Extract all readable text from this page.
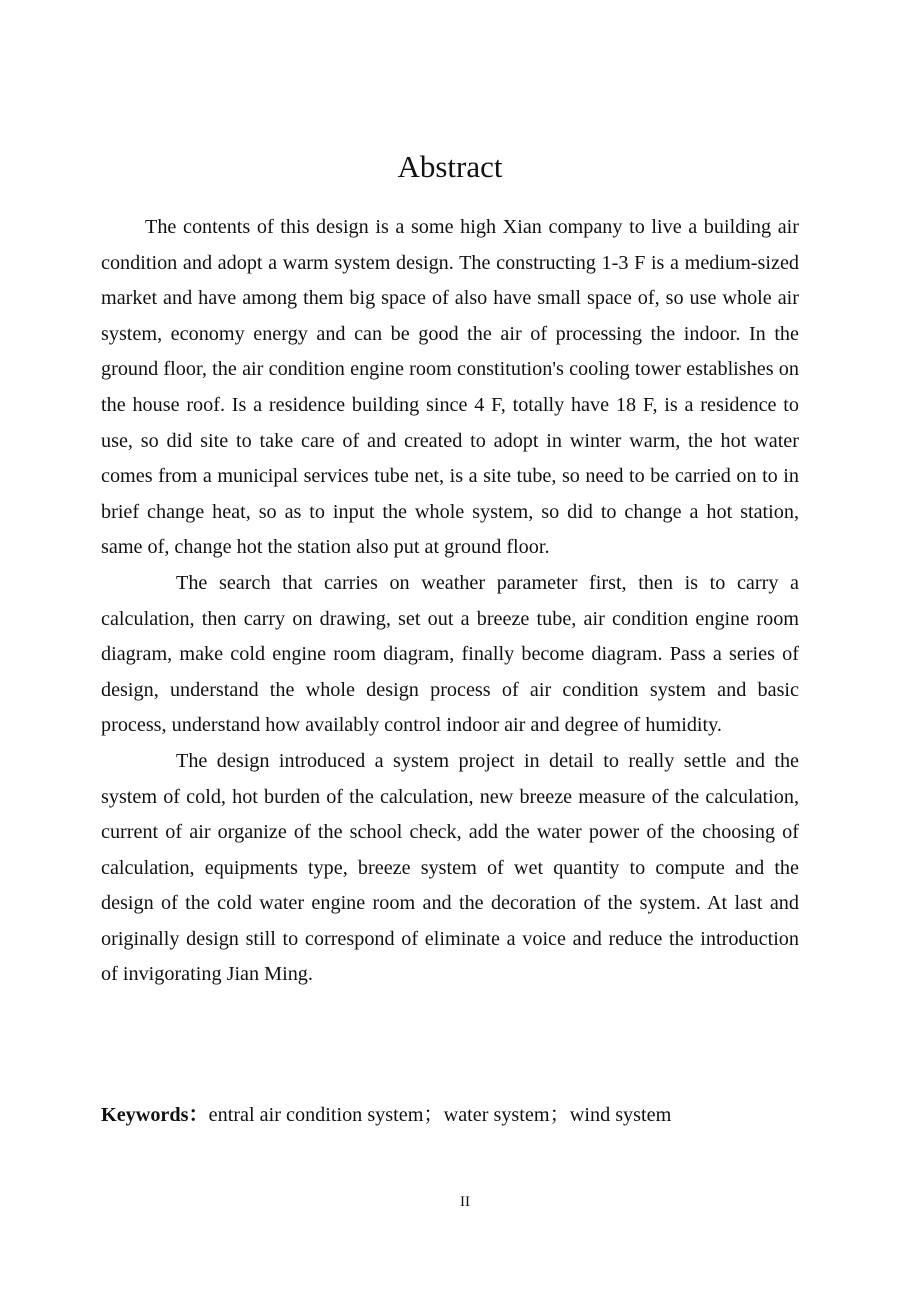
Abstract

The contents of this design is a some high Xian company to live a building air condition and adopt a warm system design. The constructing 1-3 F is a medium-sized market and have among them big space of also have small space of, so use whole air system, economy energy and can be good the air of processing the indoor. In the ground floor, the air condition engine room constitution's cooling tower establishes on the house roof. Is a residence building since 4 F, totally have 18 F, is a residence to use, so did site to take care of and created to adopt in winter warm, the hot water comes from a municipal services tube net, is a site tube, so need to be carried on to in brief change heat, so as to input the whole system, so did to change a hot station, same of, change hot the station also put at ground floor.

The search that carries on weather parameter first, then is to carry a calculation, then carry on drawing, set out a breeze tube, air condition engine room diagram, make cold engine room diagram, finally become diagram. Pass a series of design, understand the whole design process of air condition system and basic process, understand how availably control indoor air and degree of humidity.

The design introduced a system project in detail to really settle and the system of cold, hot burden of the calculation, new breeze measure of the calculation, current of air organize of the school check, add the water power of the choosing of calculation, equipments type, breeze system of wet quantity to compute and the design of the cold water engine room and the decoration of the system. At last and originally design still to correspond of eliminate a voice and reduce the introduction of invigorating Jian Ming.

Keywords：entral air condition system；water system；wind system
II
